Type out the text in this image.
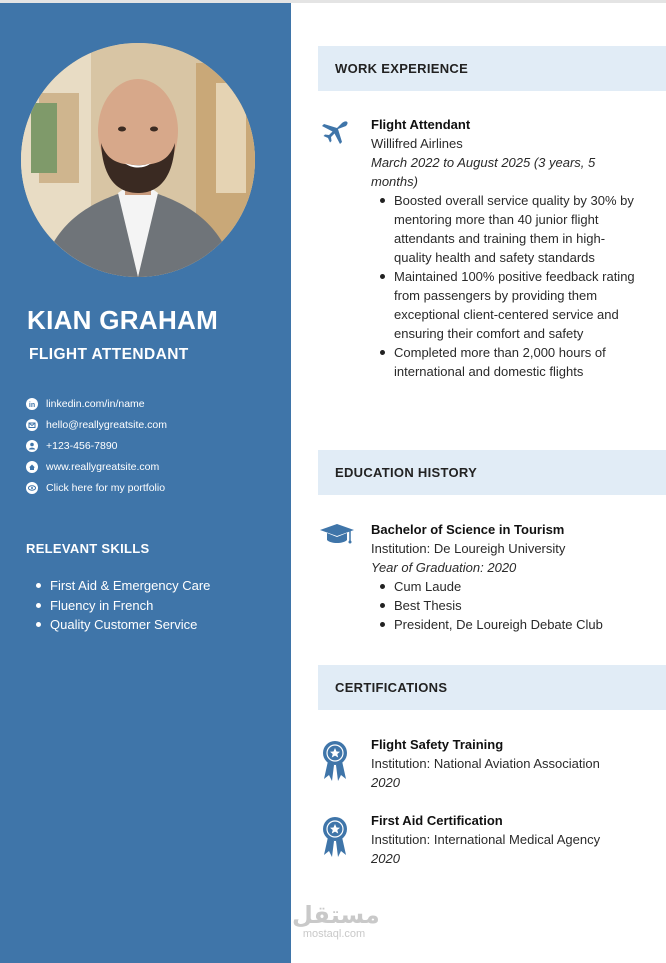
KIAN GRAHAM
FLIGHT ATTENDANT
in linkedin.com/in/name
hello@reallygreatsite.com
+123-456-7890
www.reallygreatsite.com
Click here for my portfolio
RELEVANT SKILLS
First Aid & Emergency Care
Fluency in French
Quality Customer Service
WORK EXPERIENCE
Flight Attendant
Willifred Airlines
March 2022 to August 2025 (3 years, 5 months)
Boosted overall service quality by 30% by mentoring more than 40 junior flight attendants and training them in high-quality health and safety standards
Maintained 100% positive feedback rating from passengers by providing them exceptional client-centered service and ensuring their comfort and safety
Completed more than 2,000 hours of international and domestic flights
EDUCATION HISTORY
Bachelor of Science in Tourism
Institution: De Loureigh University
Year of Graduation: 2020
Cum Laude
Best Thesis
President, De Loureigh Debate Club
CERTIFICATIONS
Flight Safety Training
Institution: National Aviation Association
2020
First Aid Certification
Institution: International Medical Agency
2020
مستقل
mostaql.com
